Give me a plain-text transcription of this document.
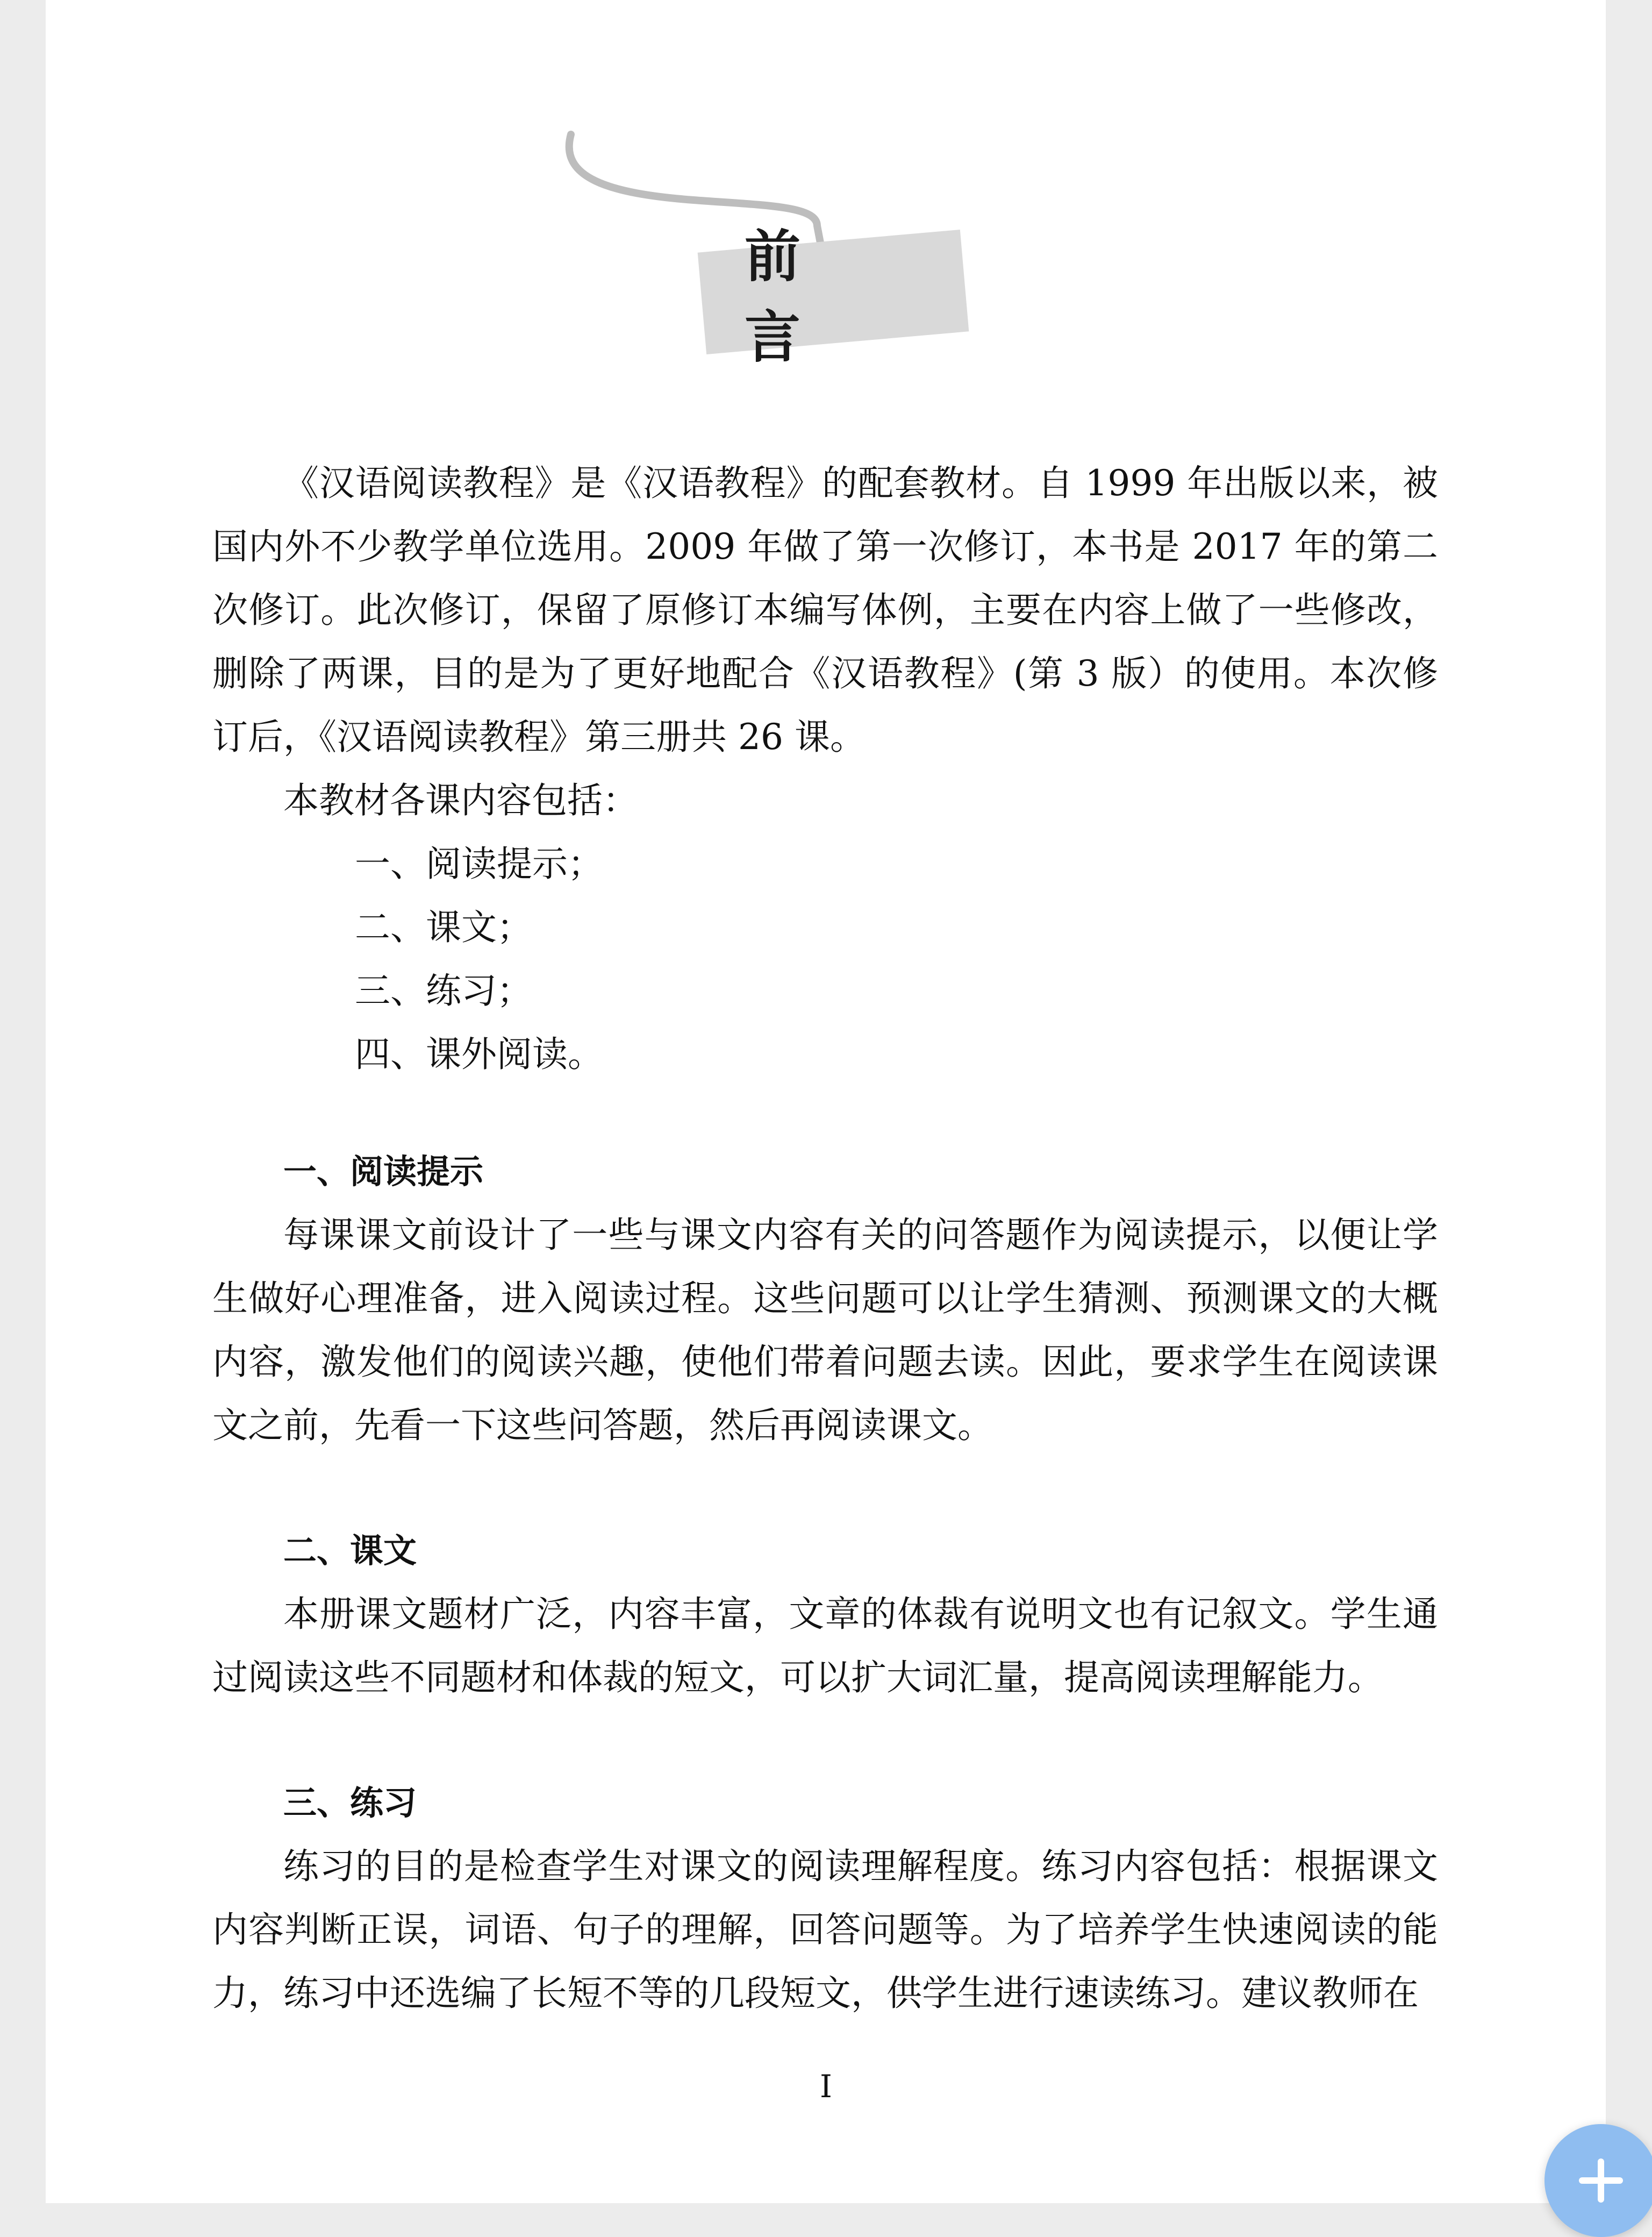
前 言

《汉语阅读教程》是《汉语教程》的配套教材。自 1999 年出版以来，被国内外不少教学单位选用。2009 年做了第一次修订，本书是 2017 年的第二次修订。此次修订，保留了原修订本编写体例，主要在内容上做了一些修改，删除了两课，目的是为了更好地配合《汉语教程》(第 3 版）的使用。本次修订后，《汉语阅读教程》第三册共 26 课。

本教材各课内容包括：

一、阅读提示；
二、课文；
三、练习；
四、课外阅读。
一、阅读提示

每课课文前设计了一些与课文内容有关的问答题作为阅读提示，以便让学生做好心理准备，进入阅读过程。这些问题可以让学生猜测、预测课文的大概内容，激发他们的阅读兴趣，使他们带着问题去读。因此，要求学生在阅读课文之前，先看一下这些问答题，然后再阅读课文。

二、课文

本册课文题材广泛，内容丰富，文章的体裁有说明文也有记叙文。学生通过阅读这些不同题材和体裁的短文，可以扩大词汇量，提高阅读理解能力。

三、练习

练习的目的是检查学生对课文的阅读理解程度。练习内容包括：根据课文内容判断正误，词语、句子的理解，回答问题等。为了培养学生快速阅读的能力，练习中还选编了长短不等的几段短文，供学生进行速读练习。建议教师在

I
